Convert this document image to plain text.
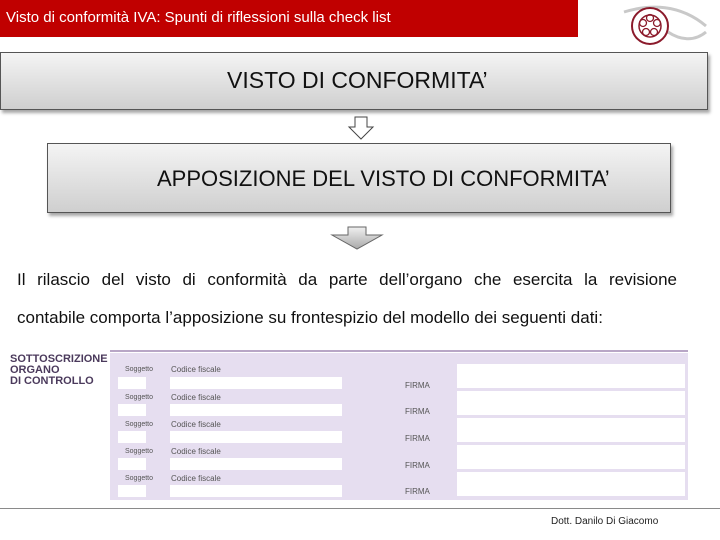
Visto di conformità IVA: Spunti di riflessioni sulla check list
VISTO DI CONFORMITA’
APPOSIZIONE DEL VISTO DI CONFORMITA’
Il rilascio del visto di conformità da parte dell’organo che esercita la revisione
contabile comporta l’apposizione su frontespizio del modello dei seguenti dati:
SOTTOSCRIZIONE
ORGANO
DI CONTROLLO
Soggetto Codice fiscale
FIRMA
Soggetto Codice fiscale
FIRMA
Soggetto Codice fiscale
FIRMA
Soggetto Codice fiscale
FIRMA
Soggetto Codice fiscale
FIRMA
Dott. Danilo Di Giacomo
